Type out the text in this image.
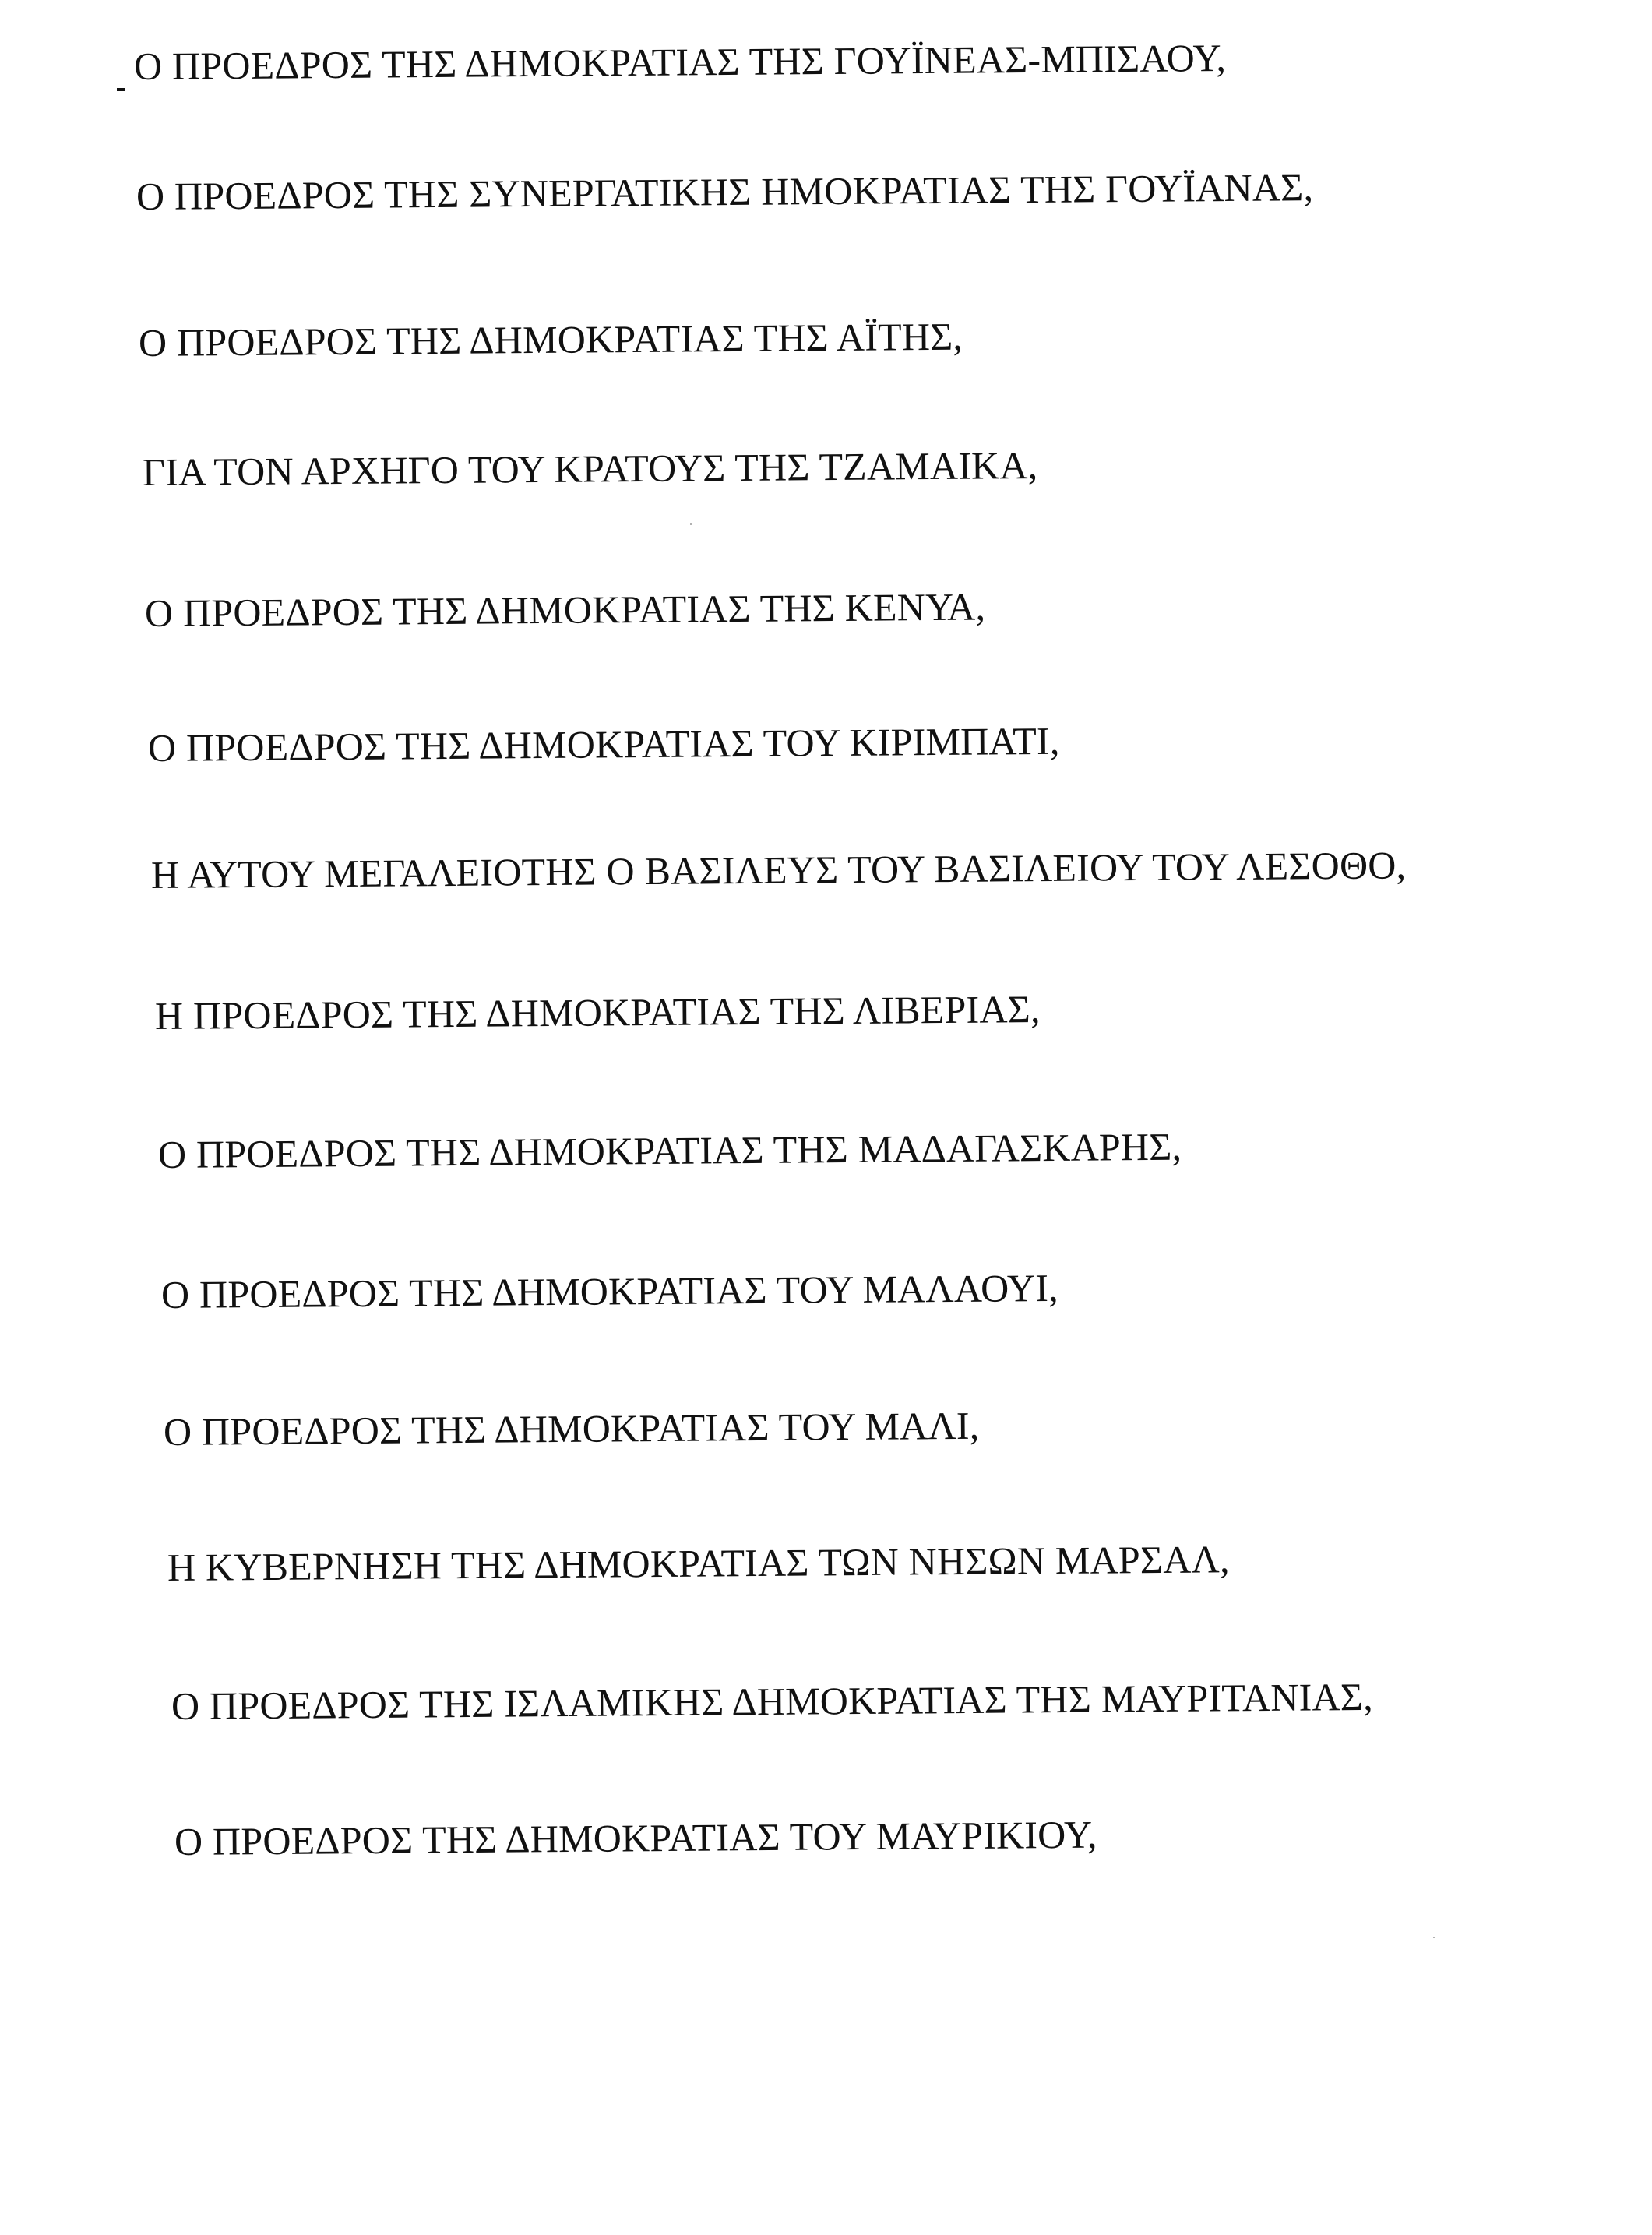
Ο ΠΡΟΕΔΡΟΣ ΤΗΣ ΔΗΜΟΚΡΑΤΙΑΣ ΤΗΣ ΓΟΥΪΝΕΑΣ-ΜΠΙΣΑΟΥ,
Ο ΠΡΟΕΔΡΟΣ ΤΗΣ ΣΥΝΕΡΓΑΤΙΚΗΣ ΗΜΟΚΡΑΤΙΑΣ ΤΗΣ ΓΟΥΪΑΝΑΣ,
Ο ΠΡΟΕΔΡΟΣ ΤΗΣ ΔΗΜΟΚΡΑΤΙΑΣ ΤΗΣ ΑΪΤΗΣ,
ΓΙΑ ΤΟΝ ΑΡΧΗΓΟ ΤΟΥ ΚΡΑΤΟΥΣ ΤΗΣ ΤΖΑΜΑΙΚΑ,
Ο ΠΡΟΕΔΡΟΣ ΤΗΣ ΔΗΜΟΚΡΑΤΙΑΣ ΤΗΣ ΚΕΝΥΑ,
Ο ΠΡΟΕΔΡΟΣ ΤΗΣ ΔΗΜΟΚΡΑΤΙΑΣ ΤΟΥ ΚΙΡΙΜΠΑΤΙ,
Η ΑΥΤΟΥ ΜΕΓΑΛΕΙΟΤΗΣ Ο ΒΑΣΙΛΕΥΣ ΤΟΥ ΒΑΣΙΛΕΙΟΥ ΤΟΥ ΛΕΣΟΘΟ,
Η ΠΡΟΕΔΡΟΣ ΤΗΣ ΔΗΜΟΚΡΑΤΙΑΣ ΤΗΣ ΛΙΒΕΡΙΑΣ,
Ο ΠΡΟΕΔΡΟΣ ΤΗΣ ΔΗΜΟΚΡΑΤΙΑΣ ΤΗΣ ΜΑΔΑΓΑΣΚΑΡΗΣ,
Ο ΠΡΟΕΔΡΟΣ ΤΗΣ ΔΗΜΟΚΡΑΤΙΑΣ ΤΟΥ ΜΑΛΑΟΥΙ,
Ο ΠΡΟΕΔΡΟΣ ΤΗΣ ΔΗΜΟΚΡΑΤΙΑΣ ΤΟΥ ΜΑΛΙ,
Η ΚΥΒΕΡΝΗΣΗ ΤΗΣ ΔΗΜΟΚΡΑΤΙΑΣ ΤΩΝ ΝΗΣΩΝ ΜΑΡΣΑΛ,
Ο ΠΡΟΕΔΡΟΣ ΤΗΣ ΙΣΛΑΜΙΚΗΣ ΔΗΜΟΚΡΑΤΙΑΣ ΤΗΣ ΜΑΥΡΙΤΑΝΙΑΣ,
Ο ΠΡΟΕΔΡΟΣ ΤΗΣ ΔΗΜΟΚΡΑΤΙΑΣ ΤΟΥ ΜΑΥΡΙΚΙΟΥ,
